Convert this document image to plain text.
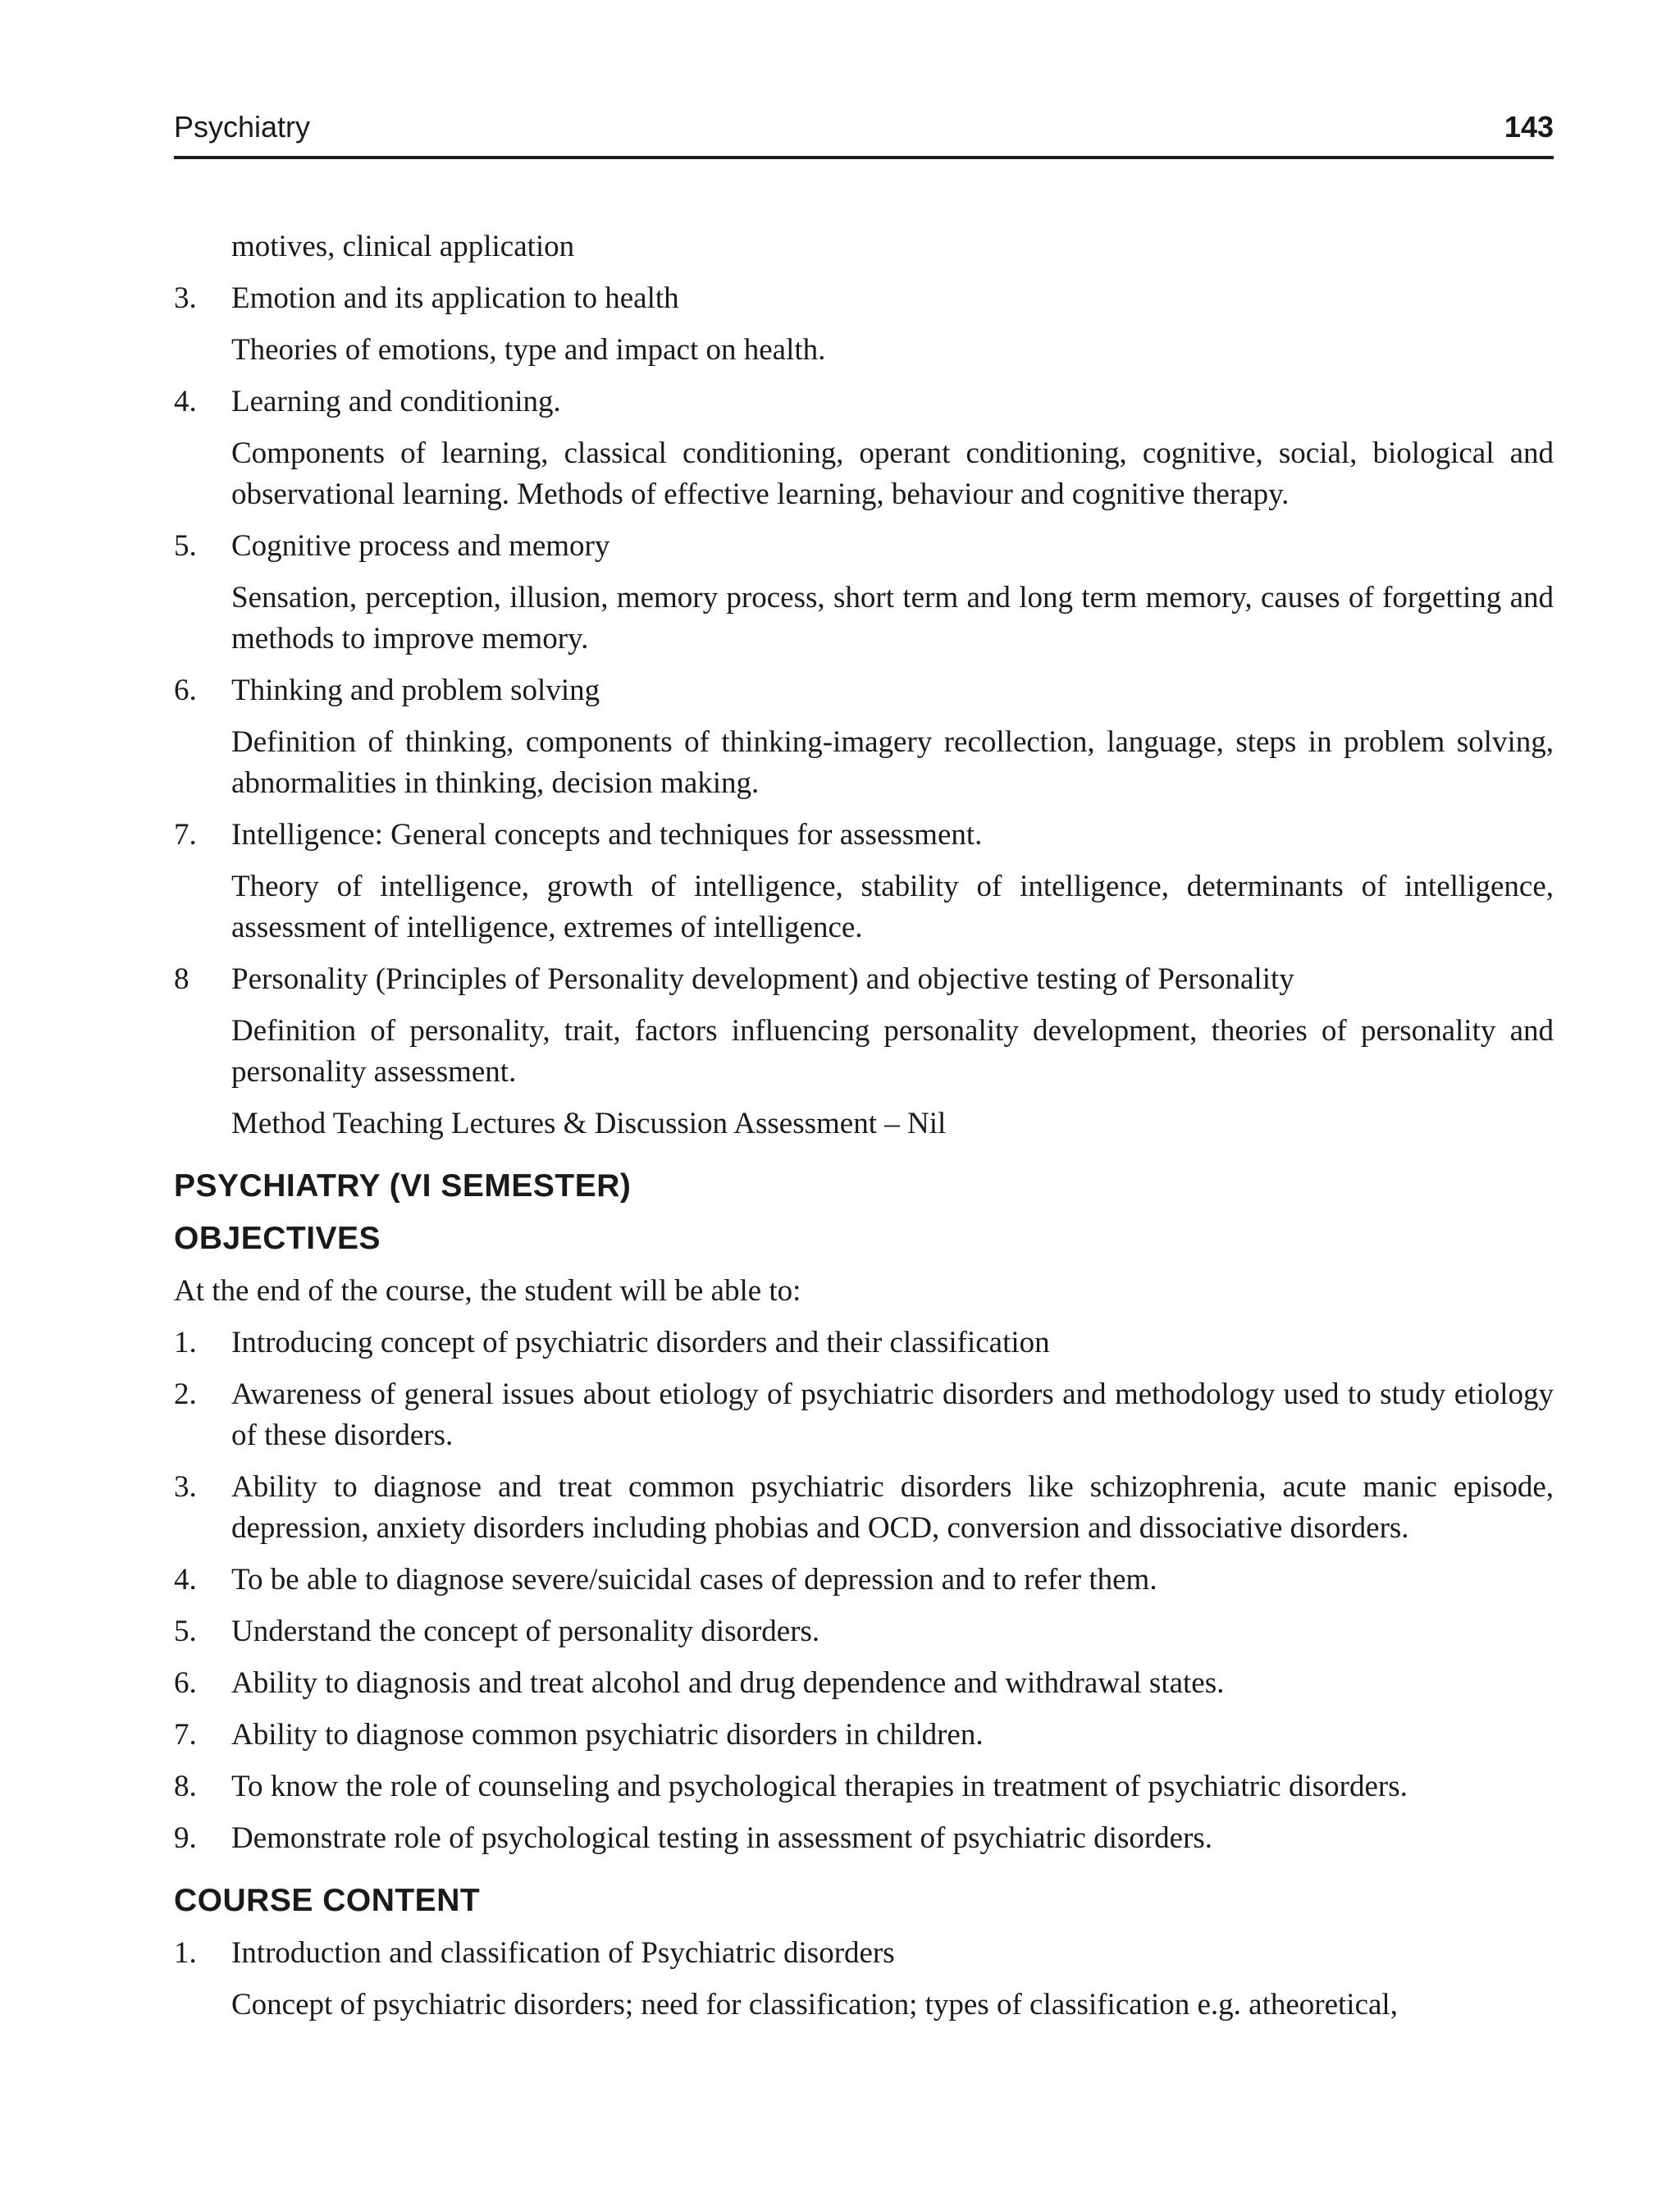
Psychiatry	143
motives, clinical application
3.	Emotion and its application to health
Theories of emotions, type and impact on health.
4.	Learning and conditioning.
Components of learning, classical conditioning, operant conditioning, cognitive, social, biological and observational learning. Methods of effective learning, behaviour and cognitive therapy.
5.	Cognitive process and memory
Sensation, perception, illusion, memory process, short term and long term memory, causes of forgetting and methods to improve memory.
6.	Thinking and problem solving
Definition of thinking, components of thinking-imagery recollection, language, steps in problem solving, abnormalities in thinking, decision making.
7.	Intelligence: General concepts and techniques for assessment.
Theory of intelligence, growth of intelligence, stability of intelligence, determinants of intelligence, assessment of intelligence, extremes of intelligence.
8	Personality (Principles of Personality development) and objective testing of Personality
Definition of personality, trait, factors influencing personality development, theories of personality and personality assessment.
Method Teaching Lectures & Discussion Assessment – Nil
PSYCHIATRY (VI SEMESTER)
OBJECTIVES
At the end of the course, the student will be able to:
1.	Introducing concept of psychiatric disorders and their classification
2.	Awareness of general issues about etiology of psychiatric disorders and methodology used to study etiology of these disorders.
3.	Ability to diagnose and treat common psychiatric disorders like schizophrenia, acute manic episode, depression, anxiety disorders including phobias and OCD, conversion and dissociative disorders.
4.	To be able to diagnose severe/suicidal cases of depression and to refer them.
5.	Understand the concept of personality disorders.
6.	Ability to diagnosis and treat alcohol and drug dependence and withdrawal states.
7.	Ability to diagnose common psychiatric disorders in children.
8.	To know the role of counseling and psychological therapies in treatment of psychiatric disorders.
9.	Demonstrate role of psychological testing in assessment of psychiatric disorders.
COURSE CONTENT
1.	Introduction and classification of Psychiatric disorders
Concept of psychiatric disorders; need for classification; types of classification e.g. atheoretical,
